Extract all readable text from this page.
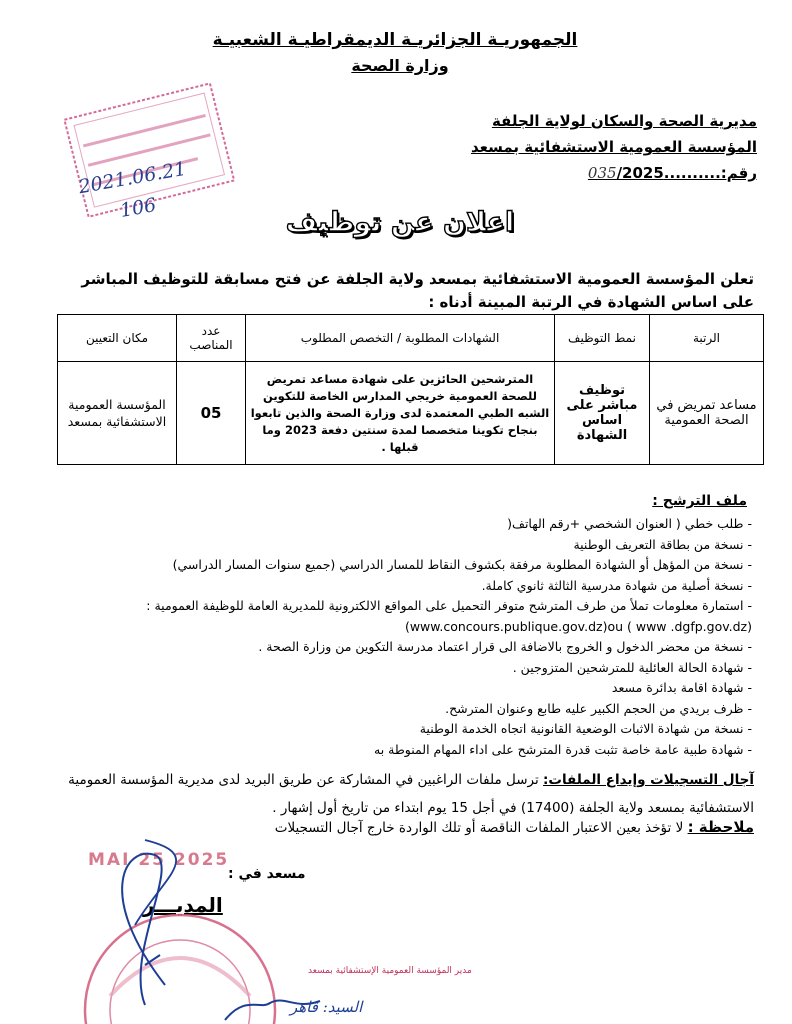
الجمهوريـة الجزائريـة الديمقراطيـة الشعبيـة
وزارة الصحة
مديرية الصحة والسكان لولاية الجلفة
المؤسسة العمومية الاستشفائية بمسعد
رقم:..........035/2025
2021.06.21
106	اعلان عن توظيف
تعلن المؤسسة العمومية الاستشفائية بمسعد ولاية الجلفة عن فتح مسابقة للتوظيف المباشر على اساس الشهادة في الرتبة المبينة أدناه :
الرتبة	نمط التوظيف	الشهادات المطلوبة / التخصص المطلوب	عدد المناصب	مكان التعيين
مساعد تمريض في الصحة العمومية	توظيف مباشر على اساس الشهادة	المترشحين الحائزين على شهادة مساعد تمريض للصحة العمومية خريجي المدارس الخاصة للتكوين الشبه الطبي المعتمدة لدى وزارة الصحة والذين تابعوا بنجاح تكوينا متخصصا لمدة سنتين دفعة 2023 وما قبلها .	05	المؤسسة العمومية الاستشفائية بمسعد
ملف الترشح :
- طلب خطي ( العنوان الشخصي +رقم الهاتف(
- نسخة من بطاقة التعريف الوطنية
- نسخة من المؤهل أو الشهادة المطلوبة مرفقة بكشوف النقاط للمسار الدراسي (جميع سنوات المسار الدراسي)
- نسخة أصلية من شهادة مدرسية الثالثة ثانوي كاملة.
- استمارة معلومات تملأ من طرف المترشح متوفر التحميل على المواقع الالكترونية للمديرية العامة للوظيفة العمومية :
(www.concours.publique.gov.dz)ou ( www .dgfp.gov.dz)
- نسخة من محضر الدخول و الخروج بالاضافة الى قرار اعتماد مدرسة التكوين من وزارة الصحة .
- شهادة الحالة العائلية للمترشحين المتزوجين .
- شهادة اقامة بدائرة مسعد
- ظرف بريدي من الحجم الكبير عليه طابع وعنوان المترشح.
- نسخة من شهادة الاثبات الوضعية القانونية اتجاه الخدمة الوطنية
- شهادة طبية عامة خاصة تثبت قدرة المترشح على اداء المهام المنوطة به
آجال التسجيلات وإيداع الملفات: ترسل ملفات الراغبين في المشاركة عن طريق البريد لدى مديرية المؤسسة العمومية الاستشفائية بمسعد ولاية الجلفة (17400) في أجل 15 يوم ابتداء من تاريخ أول إشهار .
ملاحظة : لا تؤخذ بعين الاعتبار الملفات الناقصة أو تلك الواردة خارج آجال التسجيلات
2025 MAI 25
مسعد في :
المديـــر
مدير المؤسسة العمومية الإستشفائية بمسعد
السيد: قاهر
